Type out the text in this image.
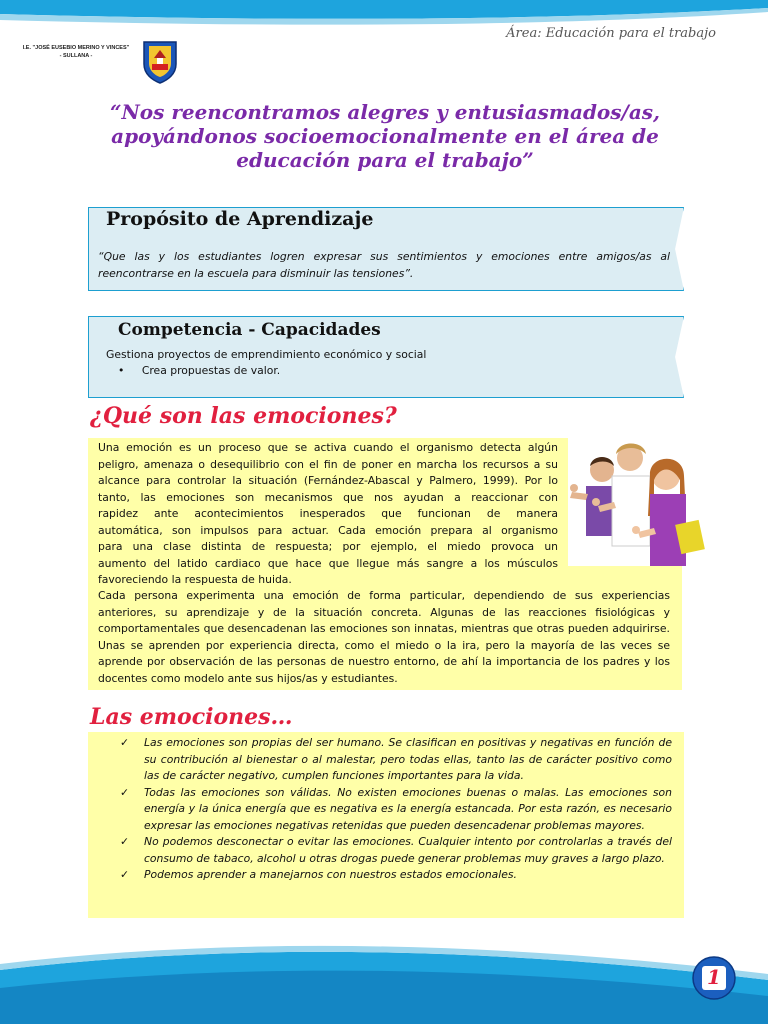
Área: Educación para el trabajo
I.E. "JOSÉ EUSEBIO MERINO Y VINCES"
- SULLANA -
“Nos reencontramos alegres y entusiasmados/as, apoyándonos socioemocionalmente en el área de educación para el trabajo”
Propósito de Aprendizaje
“Que las y los estudiantes logren expresar sus sentimientos y emociones entre amigos/as al reencontrarse en la escuela para disminuir las tensiones”.
Competencia - Capacidades
Gestiona proyectos de emprendimiento económico y social
• Crea propuestas de valor.
¿Qué son las emociones?
Una emoción es un proceso que se activa cuando el organismo detecta algún
peligro, amenaza o desequilibrio con el fin de poner en marcha los recursos a su
alcance para controlar la situación (Fernández-Abascal y Palmero, 1999). Por lo
tanto, las emociones son mecanismos que nos ayudan a reaccionar con
rapidez ante acontecimientos inesperados que funcionan de manera
automática, son impulsos para actuar. Cada emoción prepara al organismo
para una clase distinta de respuesta; por ejemplo, el miedo provoca un
aumento del latido cardiaco que hace que llegue más sangre a los músculos
favoreciendo la respuesta de huida.
Cada persona experimenta una emoción de forma particular, dependiendo de sus experiencias anteriores, su aprendizaje y de la situación concreta. Algunas de las reacciones fisiológicas y comportamentales que desencadenan las emociones son innatas, mientras que otras pueden adquirirse. Unas se aprenden por experiencia directa, como el miedo o la ira, pero la mayoría de las veces se aprende por observación de las personas de nuestro entorno, de ahí la importancia de los padres y los docentes como modelo ante sus hijos/as y estudiantes.
Las emociones…
✓ Las emociones son propias del ser humano. Se clasifican en positivas y negativas en función de su contribución al bienestar o al malestar, pero todas ellas, tanto las de carácter positivo como las de carácter negativo, cumplen funciones importantes para la vida.
✓ Todas las emociones son válidas. No existen emociones buenas o malas. Las emociones son energía y la única energía que es negativa es la energía estancada. Por esta razón, es necesario expresar las emociones negativas retenidas que pueden desencadenar problemas mayores.
✓ No podemos desconectar o evitar las emociones. Cualquier intento por controlarlas a través del consumo de tabaco, alcohol u otras drogas puede generar problemas muy graves a largo plazo.
✓ Podemos aprender a manejarnos con nuestros estados emocionales.
1
